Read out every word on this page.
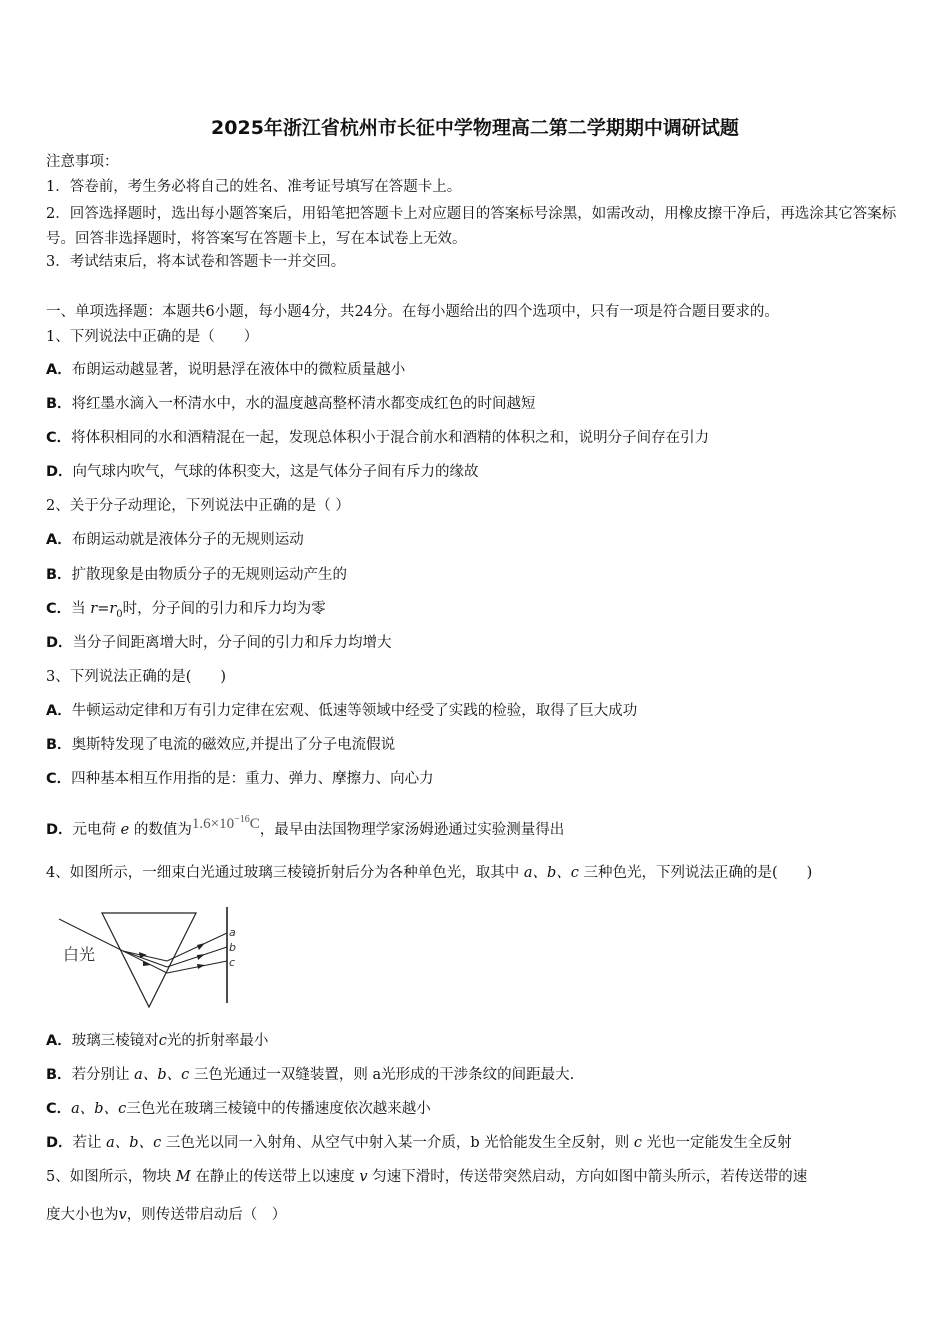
2025年浙江省杭州市长征中学物理高二第二学期期中调研试题
注意事项：
1．答卷前，考生务必将自己的姓名、准考证号填写在答题卡上。
2．回答选择题时，选出每小题答案后，用铅笔把答题卡上对应题目的答案标号涂黑，如需改动，用橡皮擦干净后，再选涂其它答案标号。回答非选择题时，将答案写在答题卡上，写在本试卷上无效。
3．考试结束后，将本试卷和答题卡一并交回。
一、单项选择题：本题共6小题，每小题4分，共24分。在每小题给出的四个选项中，只有一项是符合题目要求的。
1、下列说法中正确的是（　　）
A．布朗运动越显著，说明悬浮在液体中的微粒质量越小
B．将红墨水滴入一杯清水中，水的温度越高整杯清水都变成红色的时间越短
C．将体积相同的水和酒精混在一起，发现总体积小于混合前水和酒精的体积之和，说明分子间存在引力
D．向气球内吹气，气球的体积变大，这是气体分子间有斥力的缘故
2、关于分子动理论，下列说法中正确的是（ ）
A．布朗运动就是液体分子的无规则运动
B．扩散现象是由物质分子的无规则运动产生的
C．当 $r=r_0$时，分子间的引力和斥力均为零
D．当分子间距离增大时，分子间的引力和斥力均增大
3、下列说法正确的是(　　)
A．牛顿运动定律和万有引力定律在宏观、低速等领域中经受了实践的检验，取得了巨大成功
B．奥斯特发现了电流的磁效应,并提出了分子电流假说
C．四种基本相互作用指的是：重力、弹力、摩擦力、向心力
D．元电荷 e 的数值为$1.6\times 10^{-16}C$，最早由法国物理学家汤姆逊通过实验测量得出
4、如图所示，一细束白光通过玻璃三棱镜折射后分为各种单色光，取其中 a、b、c 三种色光，下列说法正确的是(　　)
白光
a
b
c
A．玻璃三棱镜对c光的折射率最小
B．若分别让 a、b、c 三色光通过一双缝装置，则 a光形成的干涉条纹的间距最大.
C．a、b、c三色光在玻璃三棱镜中的传播速度依次越来越小
D．若让 a、b、c 三色光以同一入射角、从空气中射入某一介质，b 光恰能发生全反射，则 c 光也一定能发生全反射
5、如图所示，物块 M 在静止的传送带上以速度 v 匀速下滑时，传送带突然启动，方向如图中箭头所示，若传送带的速
度大小也为v，则传送带启动后（　）
